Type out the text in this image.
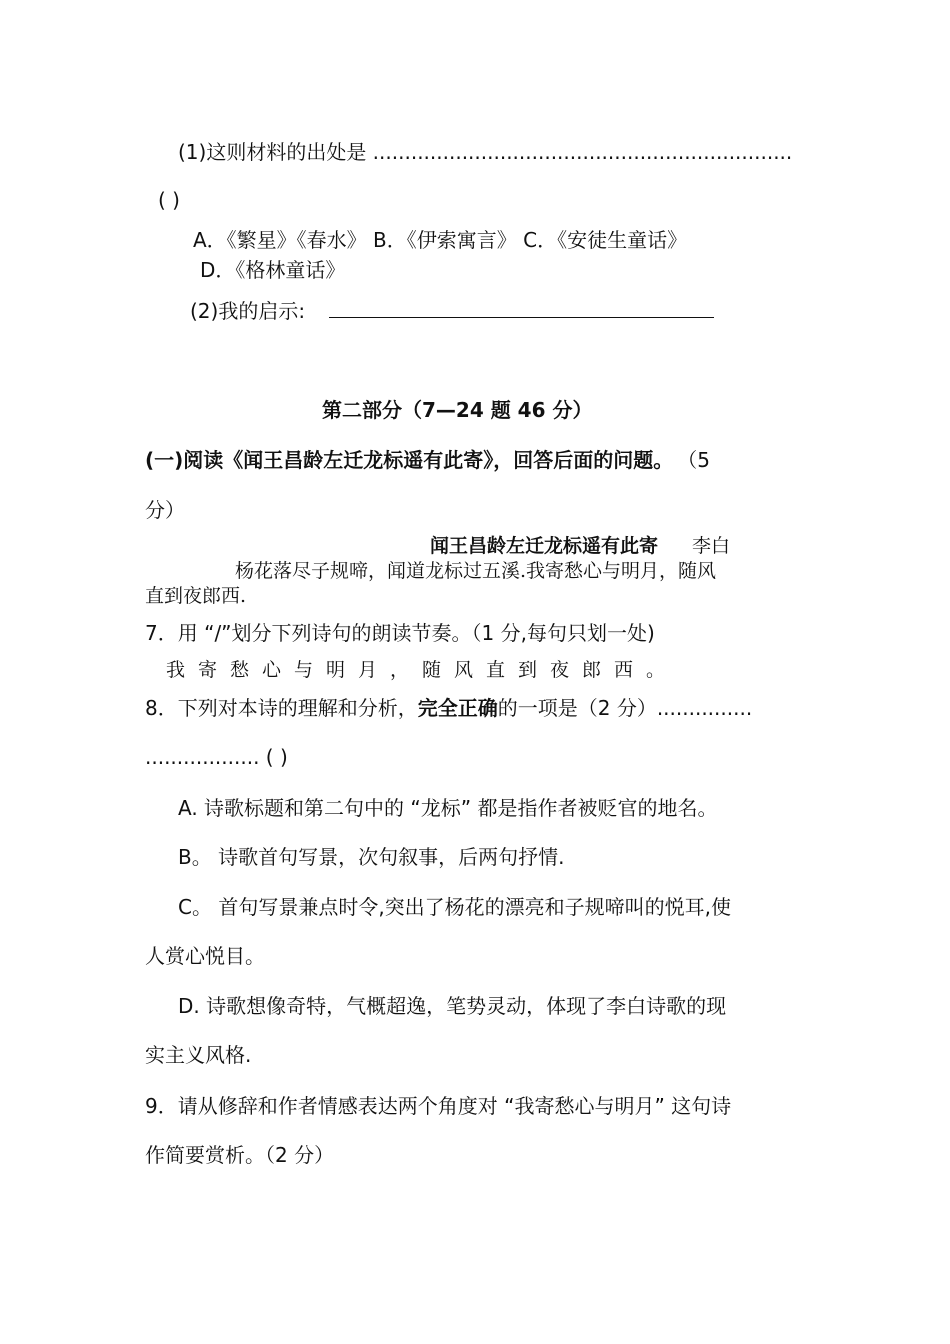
(1)这则材料的出处是 ..................................................................
( )
A．《繁星》《春水》 B．《伊索寓言》 C．《安徒生童话》
D．《格林童话》
(2)我的启示:
第二部分（7—24 题 46 分）
(一)阅读《闻王昌龄左迁龙标遥有此寄》，回答后面的问题。 （5
分）
闻王昌龄左迁龙标遥有此寄 李白
杨花落尽子规啼，闻道龙标过五溪.我寄愁心与明月，随风
直到夜郎西.
7．用 “/”划分下列诗句的朗读节奏。（1 分,每句只划一处)
我寄愁心与明月，随风直到夜郎西。
8．下列对本诗的理解和分析，完全正确的一项是（2 分）...............
.................. ( )
A. 诗歌标题和第二句中的 “龙标” 都是指作者被贬官的地名。
B。 诗歌首句写景，次句叙事，后两句抒情.
C。 首句写景兼点时令,突出了杨花的漂亮和子规啼叫的悦耳,使
人赏心悦目。
D. 诗歌想像奇特，气概超逸，笔势灵动，体现了李白诗歌的现
实主义风格.
9．请从修辞和作者情感表达两个角度对 “我寄愁心与明月” 这句诗
作简要赏析。（2 分）
